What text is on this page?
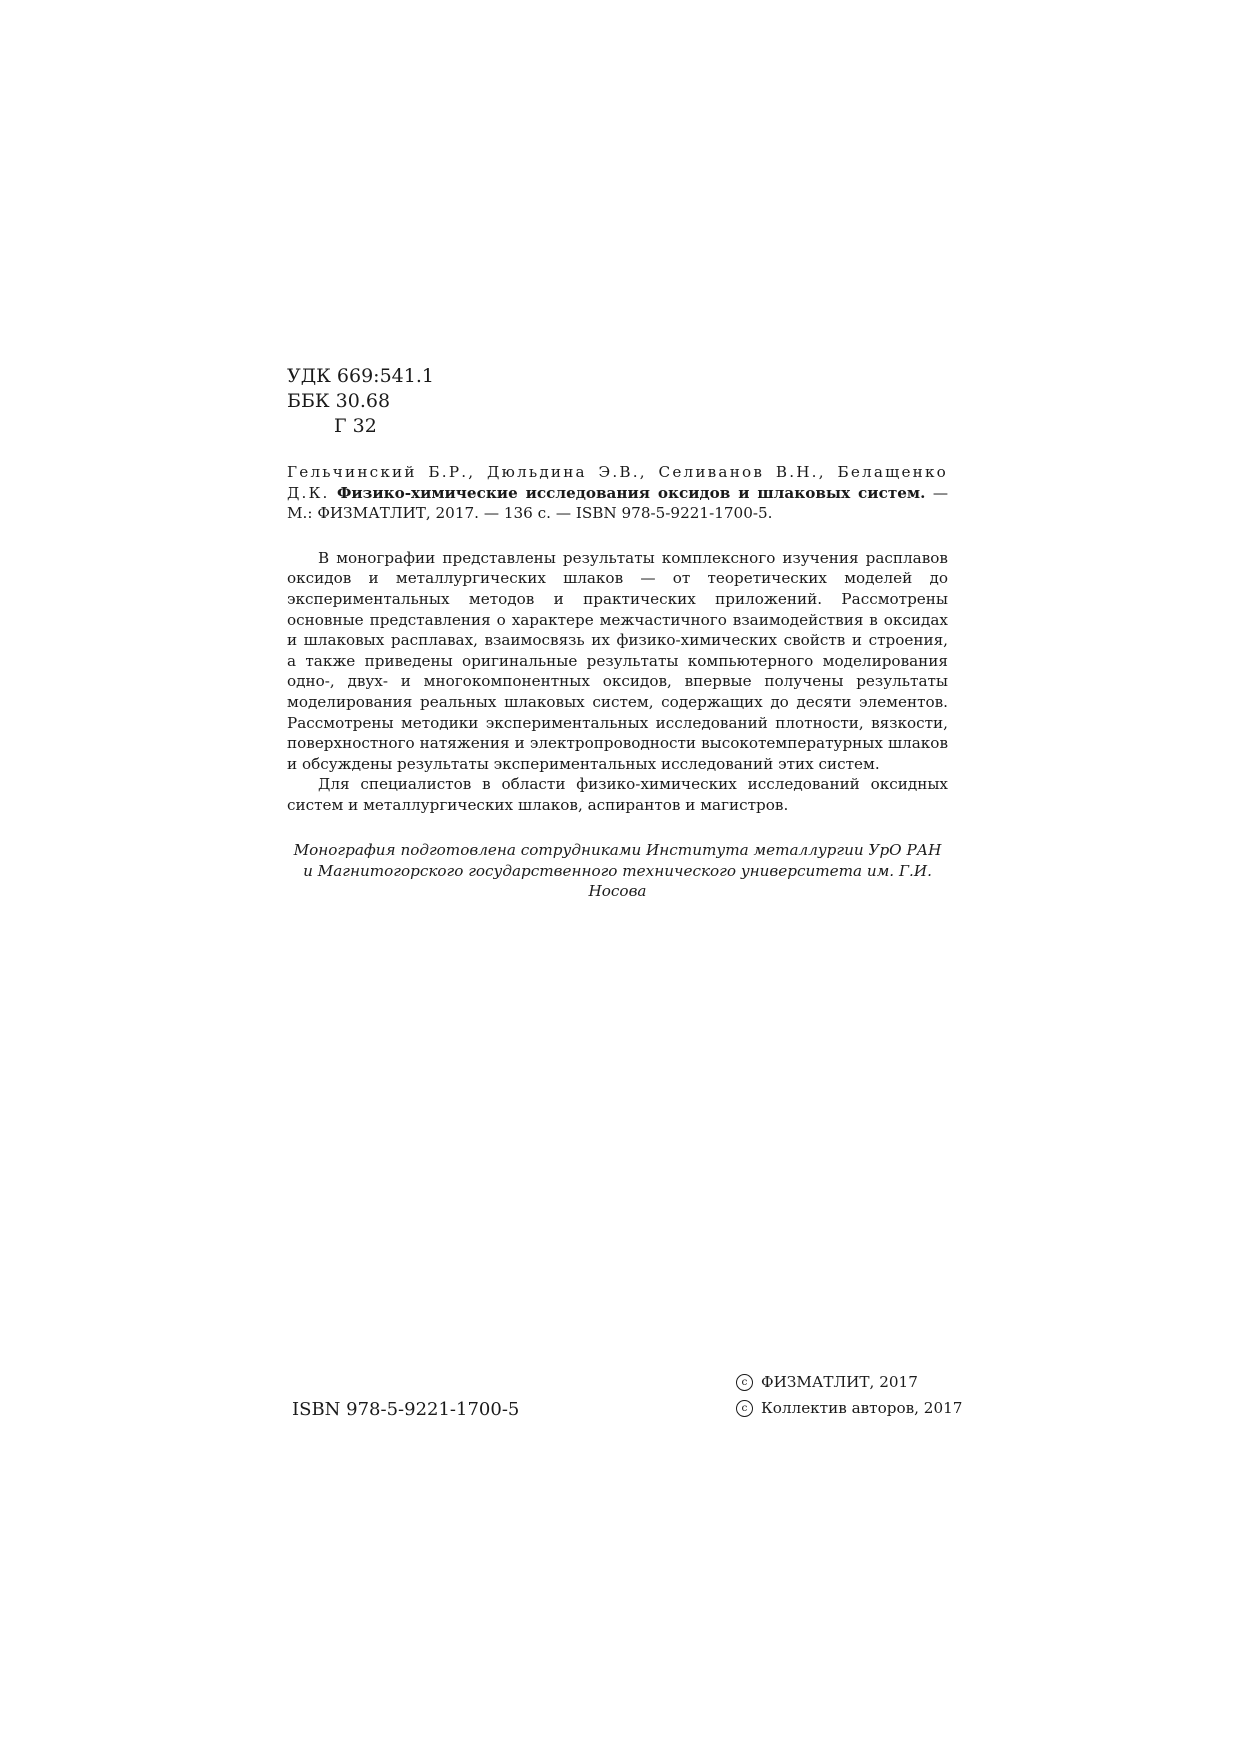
УДК 669:541.1
ББК 30.68
Г 32

Гельчинский Б.Р., Дюльдина Э.В., Селиванов В.Н., Белащенко Д.К. Физико-химические исследования оксидов и шлаковых систем. — М.: ФИЗМАТЛИТ, 2017. — 136 с. — ISBN 978-5-9221-1700-5.

В монографии представлены результаты комплексного изучения расплавов оксидов и металлургических шлаков — от теоретических моделей до экспериментальных методов и практических приложений. Рассмотрены основные представления о характере межчастичного взаимодействия в оксидах и шлаковых расплавах, взаимосвязь их физико-химических свойств и строения, а также приведены оригинальные результаты компьютерного моделирования одно-, двух- и многокомпонентных оксидов, впервые получены результаты моделирования реальных шлаковых систем, содержащих до десяти элементов. Рассмотрены методики экспериментальных исследований плотности, вязкости, поверхностного натяжения и электропроводности высокотемпературных шлаков и обсуждены результаты экспериментальных исследований этих систем.

Для специалистов в области физико-химических исследований оксидных систем и металлургических шлаков, аспирантов и магистров.

Монография подготовлена сотрудниками Института металлургии УрО РАН и Магнитогорского государственного технического университета им. Г.И. Носова
ISBN 978-5-9221-1700-5
c ФИЗМАТЛИТ, 2017
c Коллектив авторов, 2017
